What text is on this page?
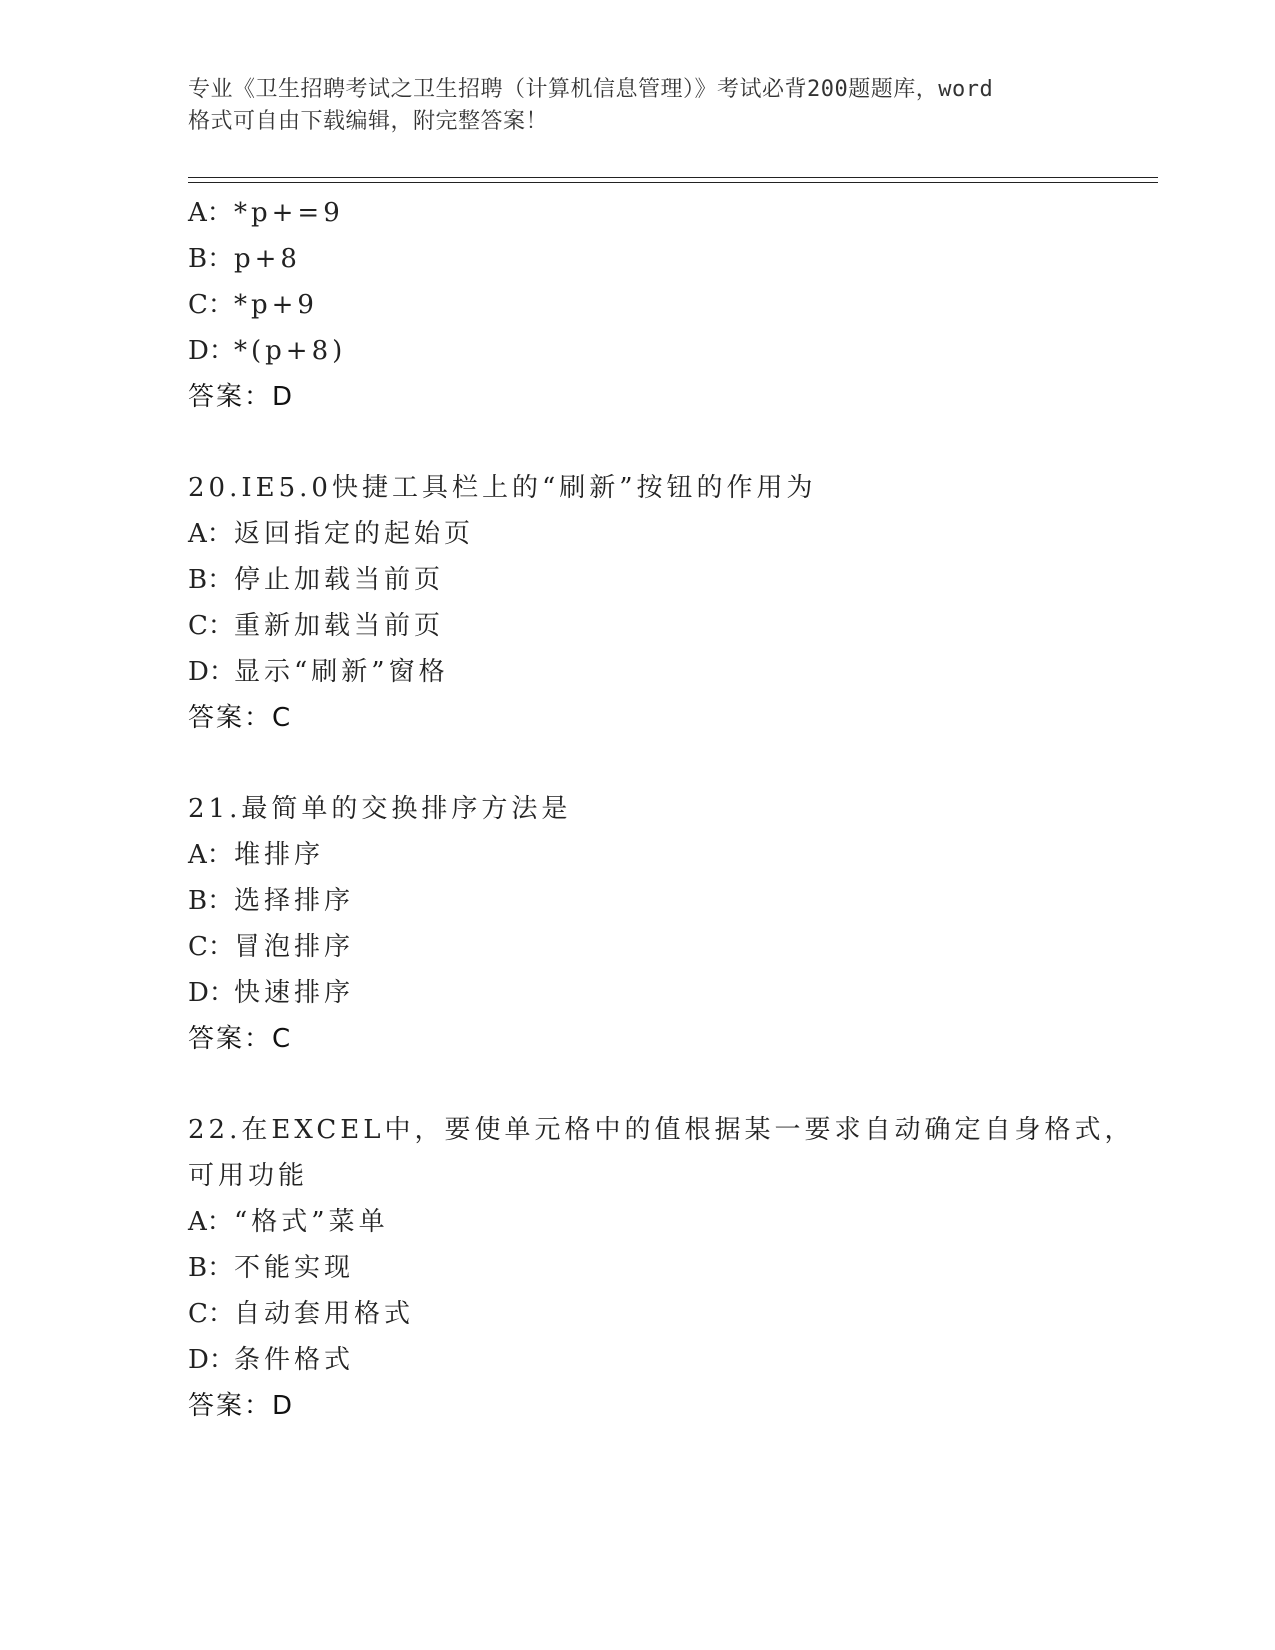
专业《卫生招聘考试之卫生招聘（计算机信息管理）》考试必背200题题库，word
格式可自由下载编辑，附完整答案！
A：*p+=9
B：p+8
C：*p+9
D：*(p+8)
答案：D
20.IE5.0快捷工具栏上的“刷新”按钮的作用为
A：返回指定的起始页
B：停止加载当前页
C：重新加载当前页
D：显示“刷新”窗格
答案：C
21.最简单的交换排序方法是
A：堆排序
B：选择排序
C：冒泡排序
D：快速排序
答案：C
22.在EXCEL中，要使单元格中的值根据某一要求自动确定自身格式，
可用功能
A：“格式”菜单
B：不能实现
C：自动套用格式
D：条件格式
答案：D
